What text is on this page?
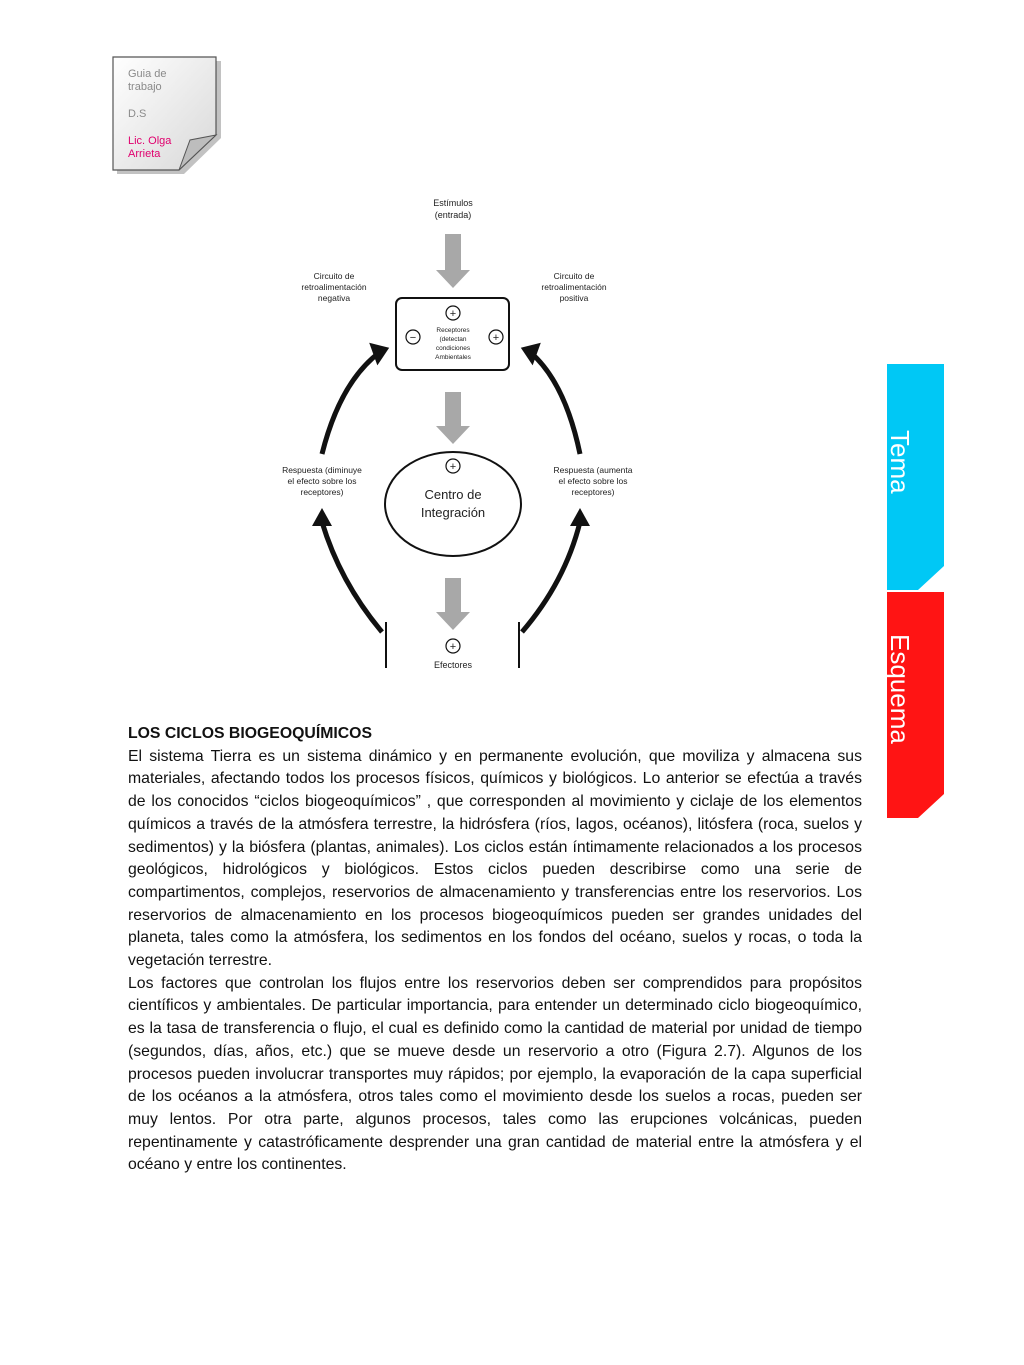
Guia de trabajo

D.S

Lic. Olga Arrieta

Estímulos
(entrada)
Circuito de
retroalimentación
negativa
Circuito de
retroalimentación
positiva
+
−	+
Receptores
(detectan
condiciones
Ambientales
+
Centro de
Integración
Respuesta (diminuye
el efecto sobre los
receptores)
Respuesta (aumenta
el efecto sobre los
receptores)
+
Efectores
Tema
Esquema

LOS CICLOS BIOGEOQUÍMICOS

El sistema Tierra es un sistema dinámico y en permanente evolución, que moviliza y almacena sus materiales, afectando todos los procesos físicos, químicos y biológicos. Lo anterior se efectúa a través de los conocidos “ciclos biogeoquímicos” , que corresponden al movimiento y ciclaje de los elementos químicos a través de la atmósfera terrestre, la hidrósfera (ríos, lagos, océanos), litósfera (roca, suelos y sedimentos) y la biósfera (plantas, animales). Los ciclos están íntimamente relacionados a los procesos geológicos, hidrológicos y biológicos. Estos ciclos pueden describirse como una serie de compartimentos, complejos, reservorios de almacenamiento y transferencias entre los reservorios. Los reservorios de almacenamiento en los procesos biogeoquímicos pueden ser grandes unidades del planeta, tales como la atmósfera, los sedimentos en los fondos del océano, suelos y rocas, o toda la vegetación terrestre.

Los factores que controlan los flujos entre los reservorios deben ser comprendidos para propósitos científicos y ambientales. De particular importancia, para entender un determinado ciclo biogeoquímico, es la tasa de transferencia o flujo, el cual es definido como la cantidad de material por unidad de tiempo (segundos, días, años, etc.) que se mueve desde un reservorio a otro (Figura 2.7). Algunos de los procesos pueden involucrar transportes muy rápidos; por ejemplo, la evaporación de la capa superficial de los océanos a la atmósfera, otros tales como el movimiento desde los suelos a rocas, pueden ser muy lentos. Por otra parte, algunos procesos, tales como las erupciones volcánicas, pueden repentinamente y catastróficamente desprender una gran cantidad de material entre la atmósfera y el océano y entre los continentes.
